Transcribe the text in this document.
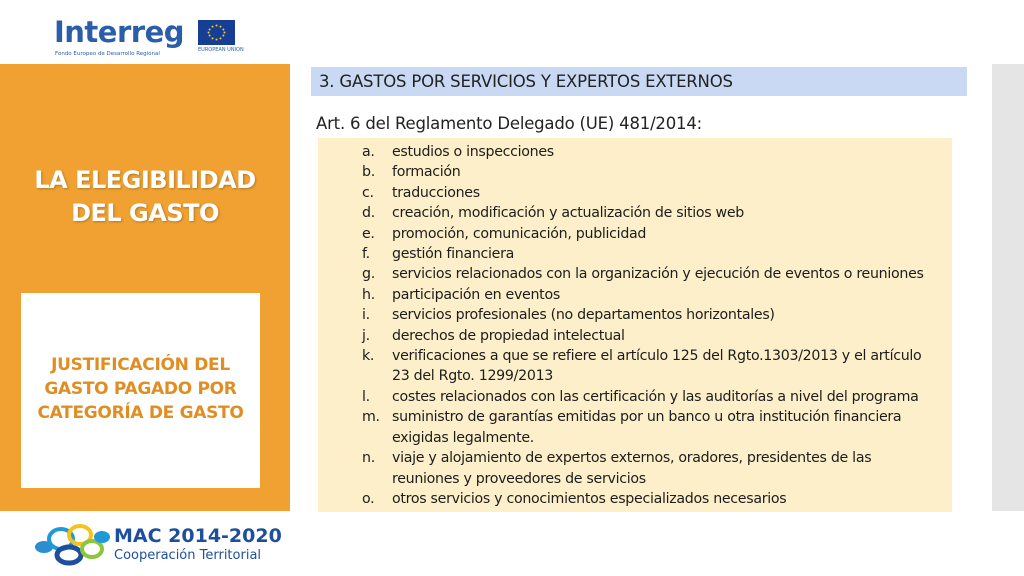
Interreg
Fondo Europeo de Desarrollo Regional
EUROPEAN UNION
LA ELEGIBILIDAD
DEL GASTO
JUSTIFICACIÓN DEL
GASTO PAGADO POR
CATEGORÍA DE GASTO
3. GASTOS POR SERVICIOS Y EXPERTOS EXTERNOS
Art. 6 del Reglamento Delegado (UE) 481/2014:
a.	estudios o inspecciones
b.	formación
c.	traducciones
d.	creación, modificación y actualización de sitios web
e.	promoción, comunicación, publicidad
f.	gestión financiera
g.	servicios relacionados con la organización y ejecución de eventos o reuniones
h.	participación en eventos
i.	servicios profesionales (no departamentos horizontales)
j.	derechos de propiedad intelectual
k.	verificaciones a que se refiere el artículo 125 del Rgto.1303/2013 y el artículo 23 del Rgto. 1299/2013
l.	costes relacionados con las certificación y las auditorías a nivel del programa
m. suministro de garantías emitidas por un banco u otra institución financiera exigidas legalmente.
n.	viaje y alojamiento de expertos externos, oradores, presidentes de las reuniones y proveedores de servicios
o.	otros servicios y conocimientos especializados necesarios
MAC 2014-2020
Cooperación Territorial
